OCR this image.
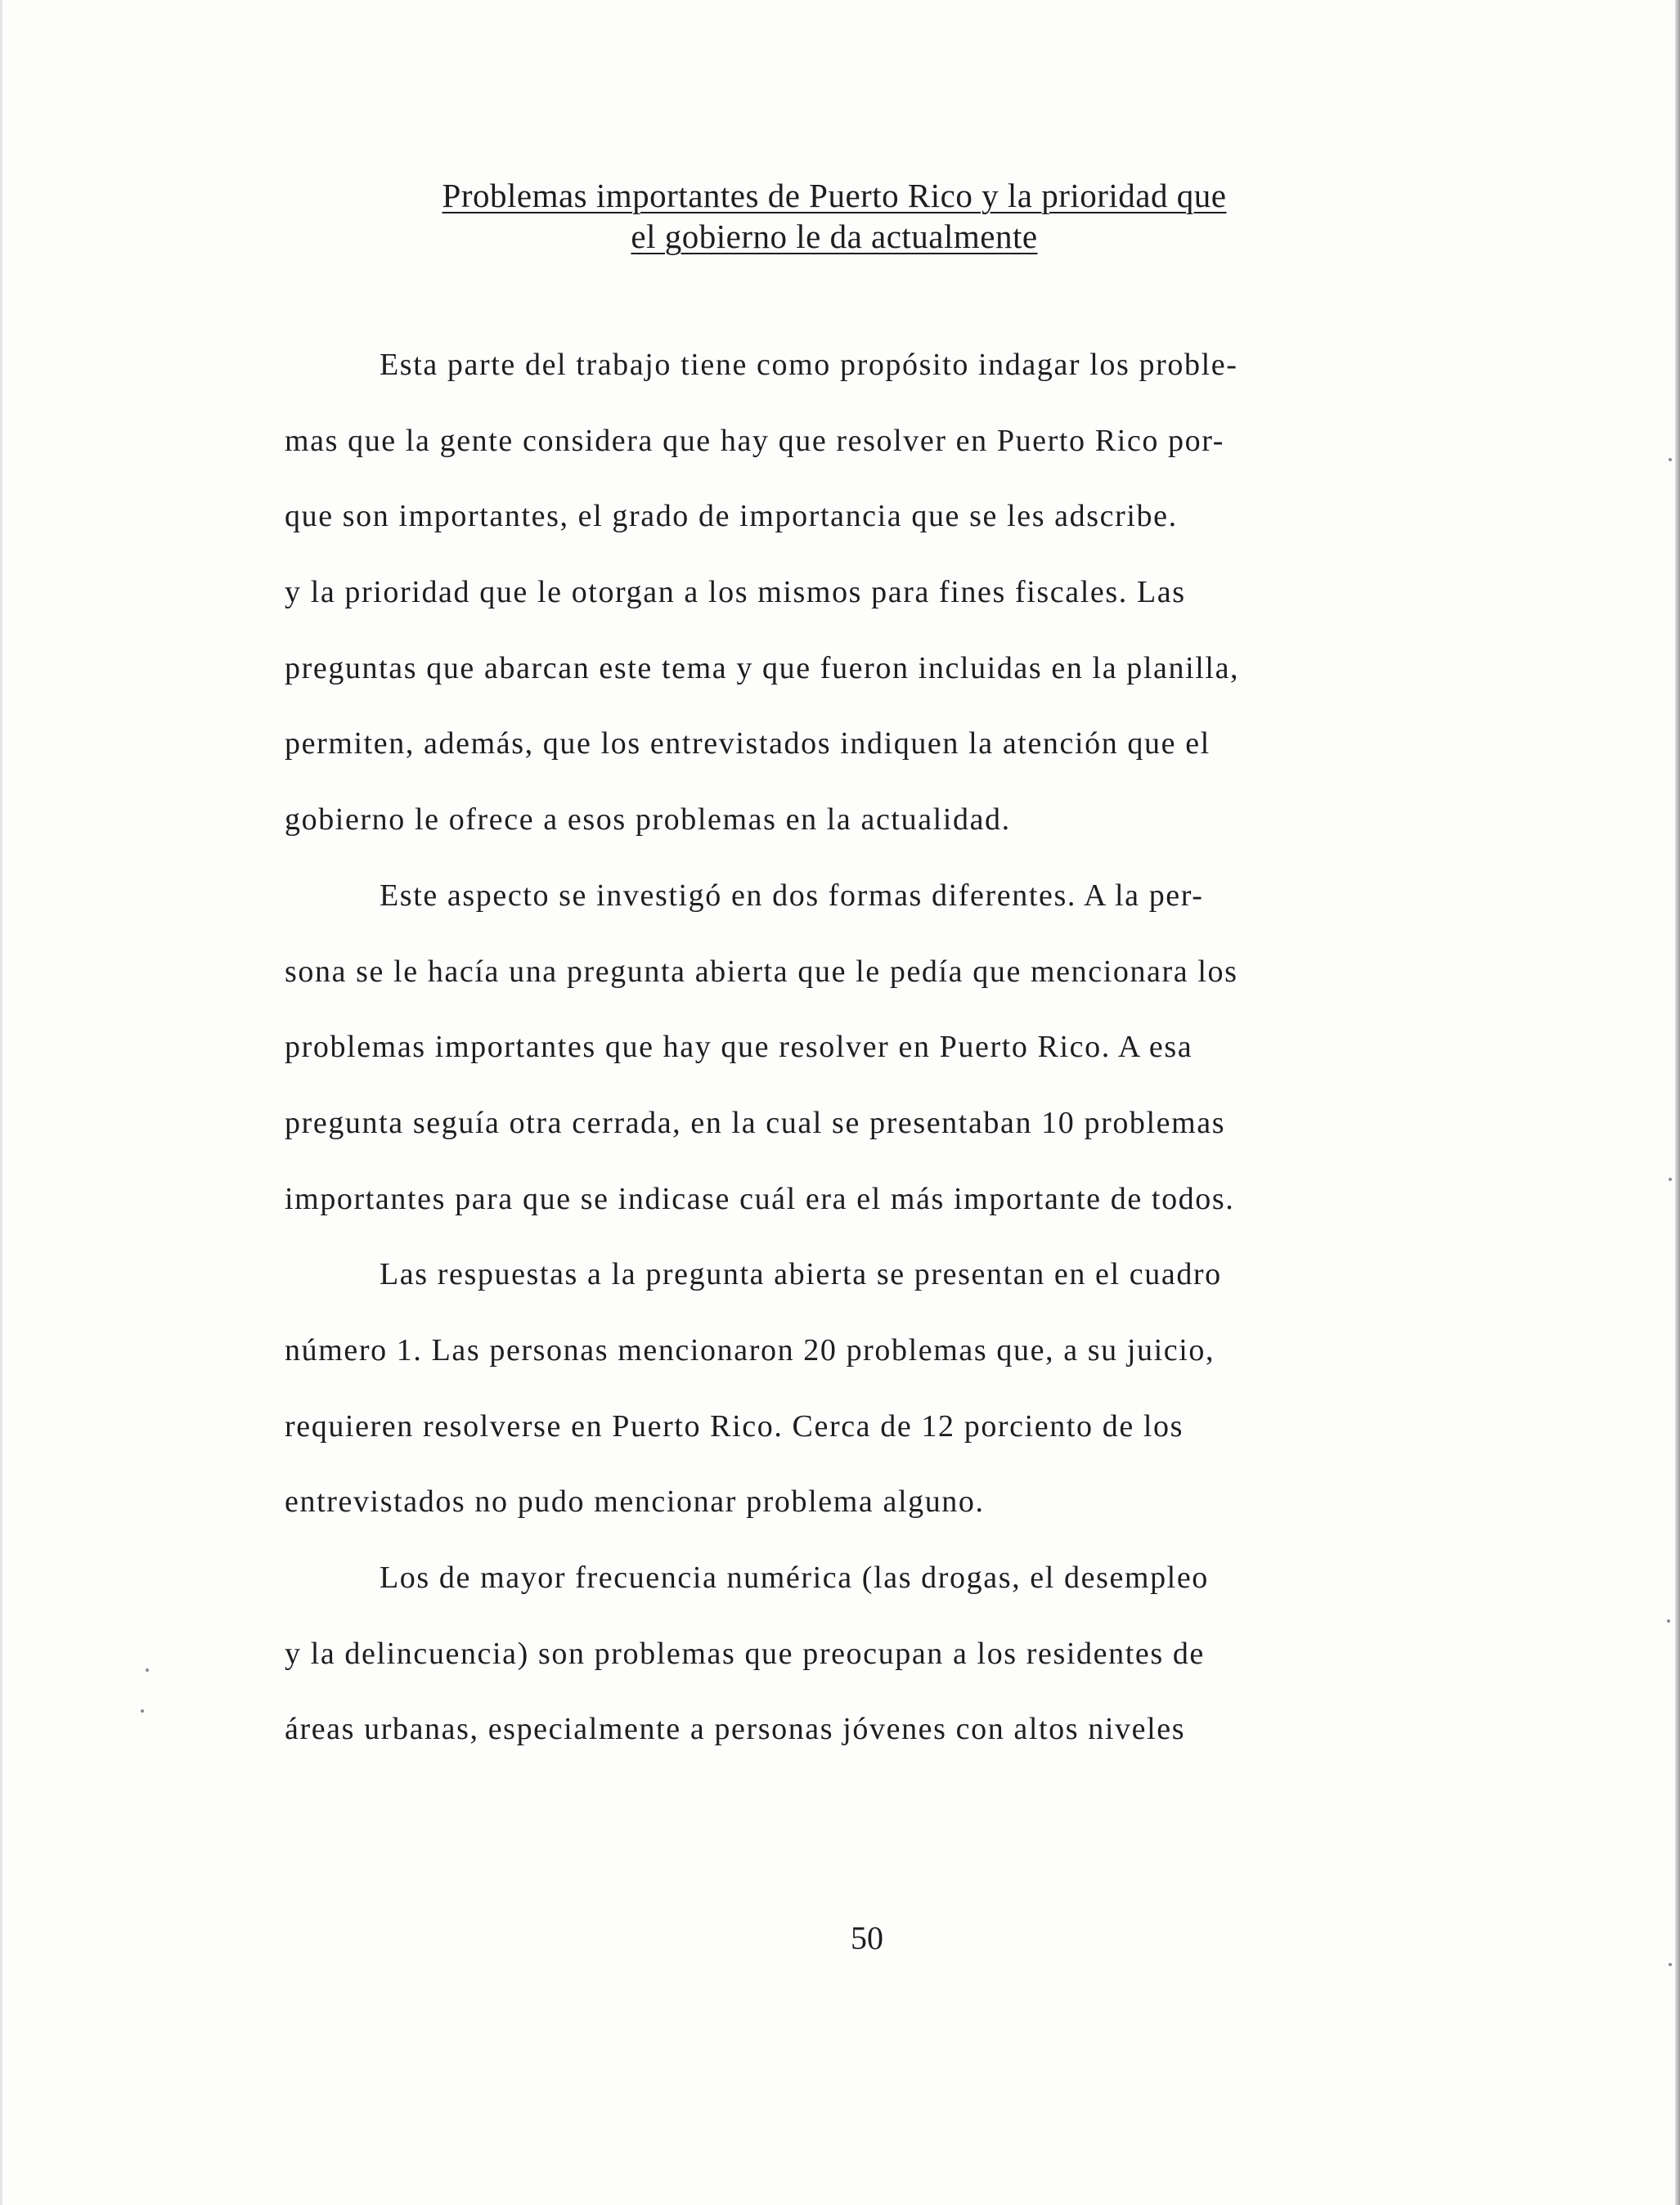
Problemas importantes de Puerto Rico y la prioridad que
el gobierno le da actualmente
Esta parte del trabajo tiene como propósito indagar los proble-
mas que la gente considera que hay que resolver en Puerto Rico por-
que son importantes, el grado de importancia que se les adscribe.
y la prioridad que le otorgan a los mismos para fines fiscales. Las
preguntas que abarcan este tema y que fueron incluidas en la planilla,
permiten, además, que los entrevistados indiquen la atención que el
gobierno le ofrece a esos problemas en la actualidad.
Este aspecto se investigó en dos formas diferentes. A la per-
sona se le hacía una pregunta abierta que le pedía que mencionara los
problemas importantes que hay que resolver en Puerto Rico. A esa
pregunta seguía otra cerrada, en la cual se presentaban 10 problemas
importantes para que se indicase cuál era el más importante de todos.
Las respuestas a la pregunta abierta se presentan en el cuadro
número 1. Las personas mencionaron 20 problemas que, a su juicio,
requieren resolverse en Puerto Rico. Cerca de 12 porciento de los
entrevistados no pudo mencionar problema alguno.
Los de mayor frecuencia numérica (las drogas, el desempleo
y la delincuencia) son problemas que preocupan a los residentes de
áreas urbanas, especialmente a personas jóvenes con altos niveles
50
